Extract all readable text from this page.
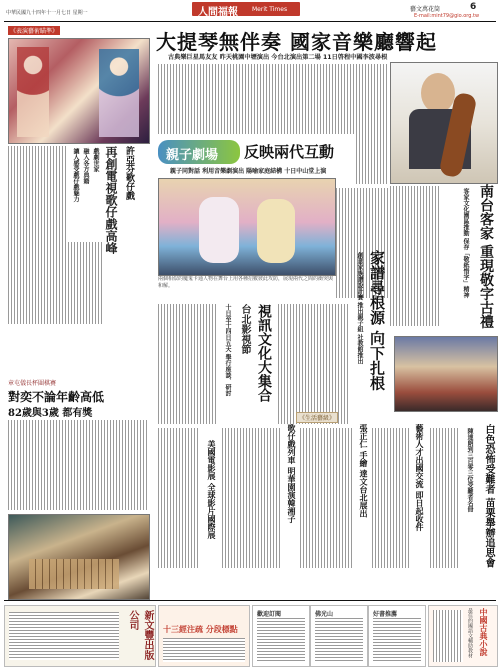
中華民國九十四年十一月七日 星期一	人間福報 Merit Times	藝文萬花筒	6
E-mail:mint79@gio.org.tw
《表演藝術瞄準》
許亞芬歌仔戲
再創電視歌仔戲高峰
戲劇世家
融入各方典籍
讓人感受戲仔戲魅力
章屯儀長杯圍棋賽
對奕不論年齡高低
82歲與3歲 都有獎
大提琴無伴奏 國家音樂廳響起
古典樂巨星馬友友 昨天桃園中壢演出 今台北演出第二場 11日啓程中國李波尋根
親子劇場 反映兩代互動
親子同對話 利用音樂劇演出 陽喻家庭結構 十日中山堂上演
兩個相似的魔鬼卡通人物在舞台上用各種招數彼此攻防，展現兩代之間的衝突與和解。	南台客家 重現敬字古禮
客家文化園區推動 保存「敬紙惜字」精神
台北影視節 視訊文化大集合
十日至十四日五天 舉行座談、研討	家譜尋根源 向下扎根
創意家族譜設計賽 推出親子組 社教館推出
《生活藝級》
美國電影展 全球影片國際展	歌仔戲列車 明華園演韓湘子	張正仁 手繪 達文台北展出	藝術人才出國交流 即日起收件	白色恐怖受難者 苗栗舉辦追思會
陳達朗到三百零三位受難者名冊
新文豐出版公司	十三經注疏 分段標點
歡迎訂閱	佛光山	好書推薦	中國古典小說
最佳的國語文輔助教材
